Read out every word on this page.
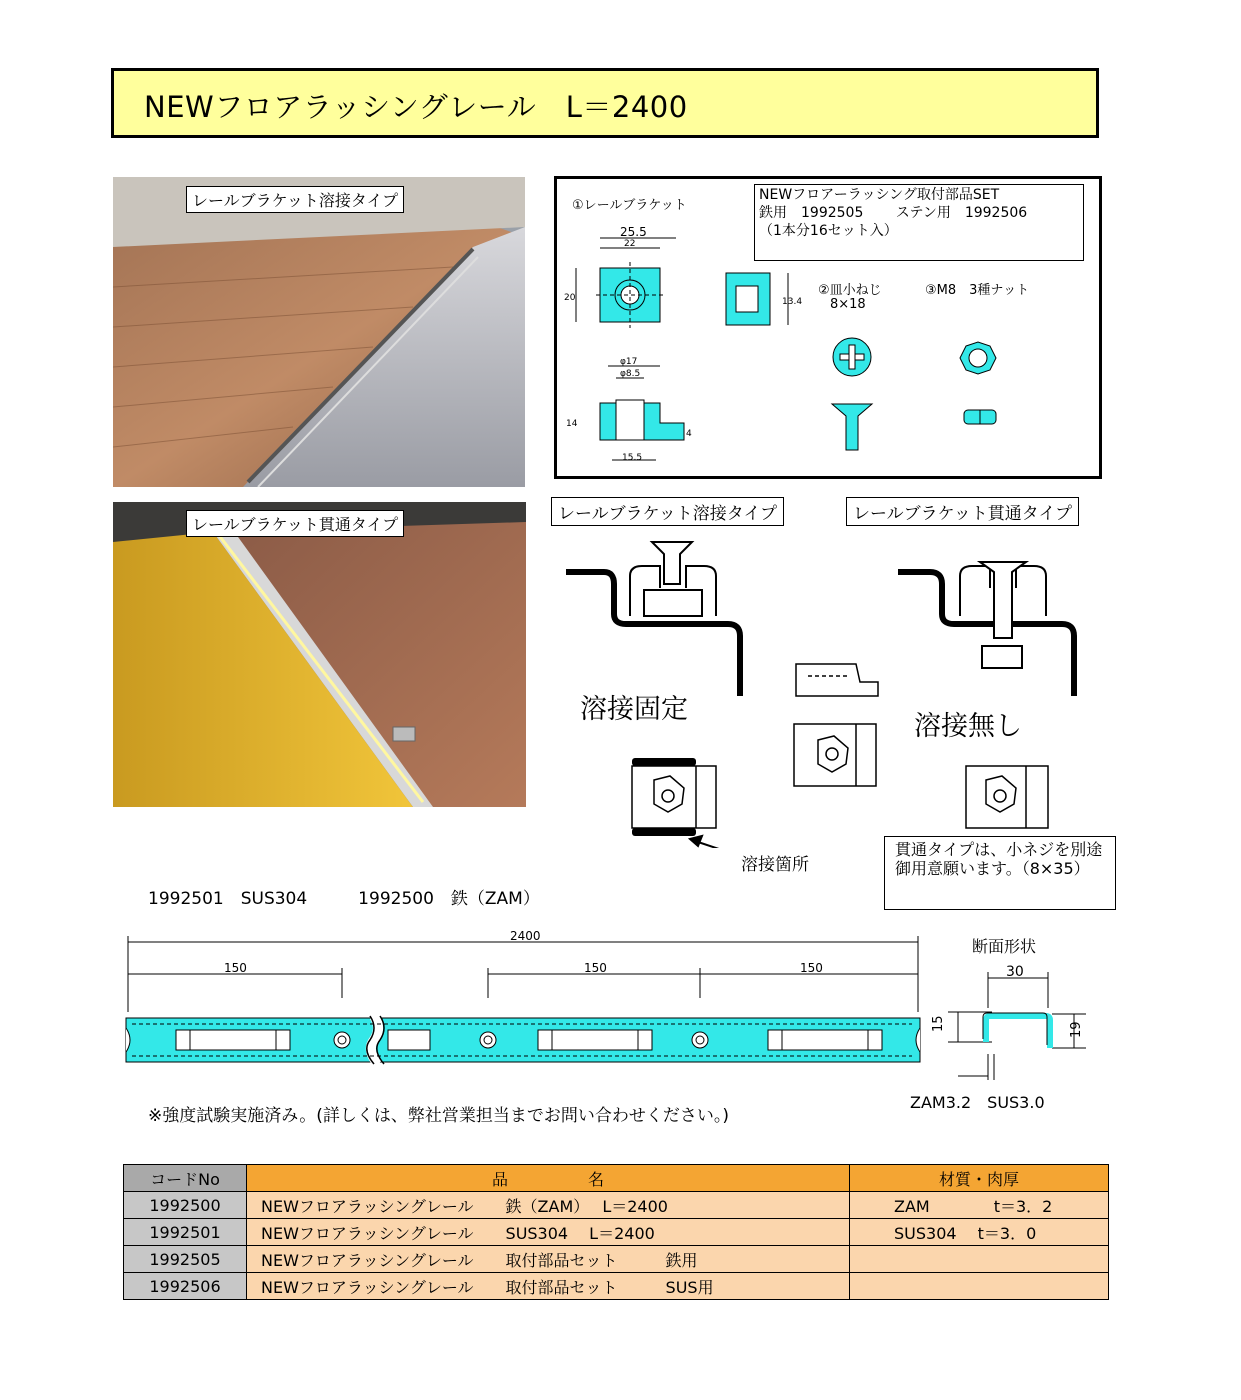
NEWフロアラッシングレール　L＝2400
レールブラケット溶接タイプ
レールブラケット貫通タイプ
①レールブラケット
NEWフロアーラッシング取付部品SET
鉄用　1992505　　 ステン用　1992506
（1本分16セット入）
②皿小ねじ
8×18
③M8　3種ナット
25.5
22
20	13.4
φ17
φ8.5
14
15.5
4
レールブラケット溶接タイプ	レールブラケット貫通タイプ
溶接固定
溶接無し
溶接箇所
貫通タイプは、小ネジを別途御用意願います。（8×35）
1992501　SUS304　　　1992500　鉄（ZAM）
2400
150	150	150
断面形状
30
15	19
ZAM3.2　SUS3.0
※強度試験実施済み。(詳しくは、弊社営業担当までお問い合わせください。)
コードNo	品　　　　　名	材質・肉厚
1992500	NEWフロアラッシングレール　　鉄（ZAM）　 L＝2400	ZAM　　　　t＝3．2
1992501	NEWフロアラッシングレール　　SUS304　 L＝2400	SUS304　 t＝3．0
1992505	NEWフロアラッシングレール　　取付部品セット　　　鉄用	
1992506	NEWフロアラッシングレール　　取付部品セット　　　SUS用	
